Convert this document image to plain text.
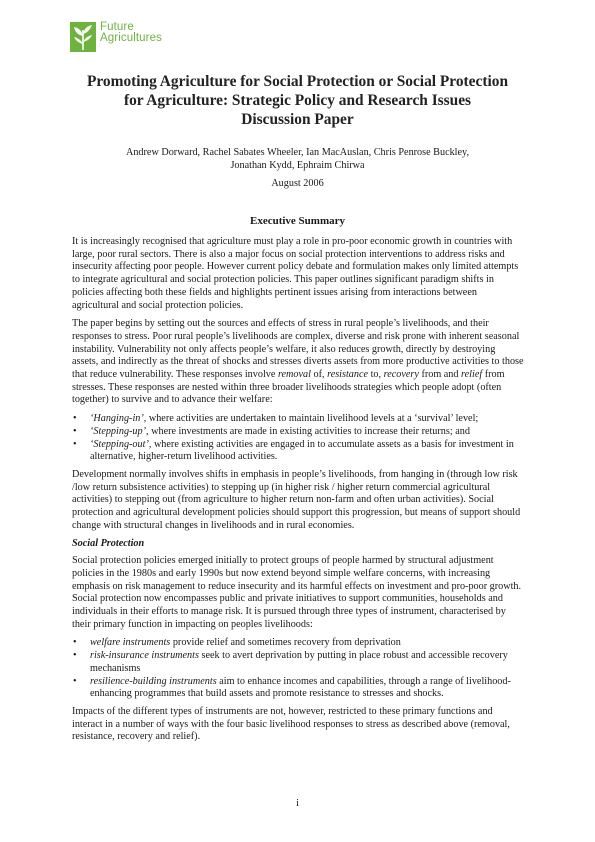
Future
Agricultures
Promoting Agriculture for Social Protection or Social Protection
for Agriculture: Strategic Policy and Research Issues
Discussion Paper
Andrew Dorward, Rachel Sabates Wheeler, Ian MacAuslan, Chris Penrose Buckley,
Jonathan Kydd, Ephraim Chirwa
August 2006
Executive Summary

It is increasingly recognised that agriculture must play a role in pro-poor economic growth in countries with large, poor rural sectors. There is also a major focus on social protection interventions to address risks and insecurity affecting poor people. However current policy debate and formulation makes only limited attempts to integrate agricultural and social protection policies. This paper outlines significant paradigm shifts in policies affecting both these fields and highlights pertinent issues arising from interactions between agricultural and social protection policies.

The paper begins by setting out the sources and effects of stress in rural people’s livelihoods, and their responses to stress. Poor rural people’s livelihoods are complex, diverse and risk prone with inherent seasonal instability. Vulnerability not only affects people’s welfare, it also reduces growth, directly by destroying assets, and indirectly as the threat of shocks and stresses diverts assets from more productive activities to those that reduce vulnerability. These responses involve removal of, resistance to, recovery from and relief from stresses. These responses are nested within three broader livelihoods strategies which people adopt (often together) to survive and to advance their welfare:

• ‘Hanging-in’, where activities are undertaken to maintain livelihood levels at a ‘survival’ level;
• ‘Stepping-up’, where investments are made in existing activities to increase their returns; and
• ‘Stepping-out’, where existing activities are engaged in to accumulate assets as a basis for investment in alternative, higher-return livelihood activities.

Development normally involves shifts in emphasis in people’s livelihoods, from hanging in (through low risk /low return subsistence activities) to stepping up (in higher risk / higher return commercial agricultural activities) to stepping out (from agriculture to higher return non-farm and often urban activities). Social protection and agricultural development policies should support this progression, but means of support should change with structural changes in livelihoods and in rural economies.

Social Protection

Social protection policies emerged initially to protect groups of people harmed by structural adjustment policies in the 1980s and early 1990s but now extend beyond simple welfare concerns, with increasing emphasis on risk management to reduce insecurity and its harmful effects on investment and pro-poor growth. Social protection now encompasses public and private initiatives to support communities, households and individuals in their efforts to manage risk. It is pursued through three types of instrument, characterised by their primary function in impacting on peoples livelihoods:

• welfare instruments provide relief and sometimes recovery from deprivation
• risk-insurance instruments seek to avert deprivation by putting in place robust and accessible recovery mechanisms
• resilience-building instruments aim to enhance incomes and capabilities, through a range of livelihood-enhancing programmes that build assets and promote resistance to stresses and shocks.

Impacts of the different types of instruments are not, however, restricted to these primary functions and interact in a number of ways with the four basic livelihood responses to stress as described above (removal, resistance, recovery and relief).

i
